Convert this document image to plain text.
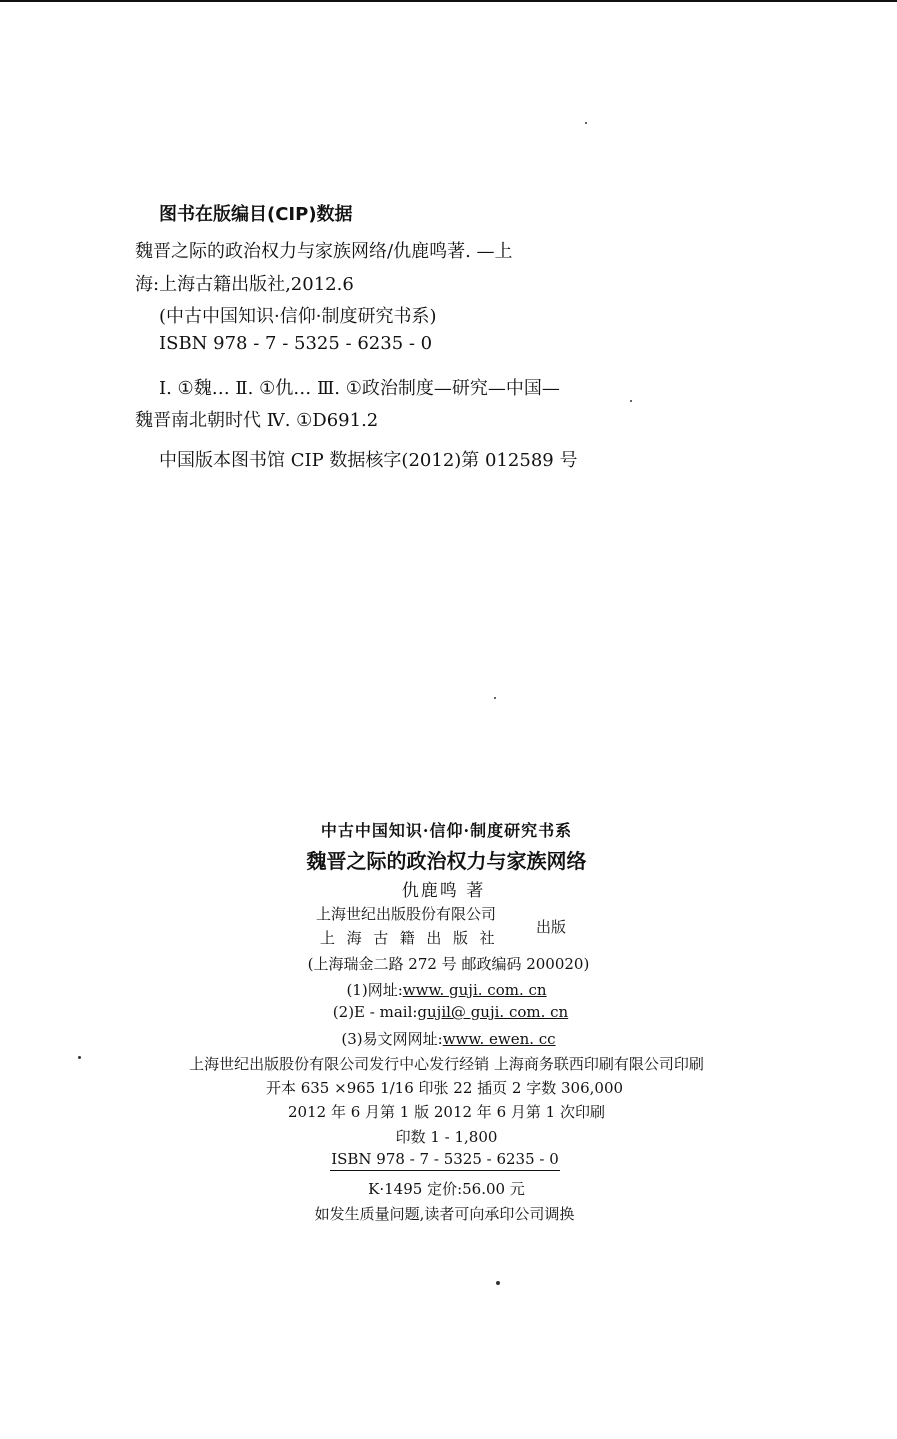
图书在版编目(CIP)数据
魏晋之际的政治权力与家族网络/仇鹿鸣著. —上
海:上海古籍出版社,2012.6
(中古中国知识·信仰·制度研究书系)
ISBN 978 - 7 - 5325 - 6235 - 0
Ⅰ. ①魏… Ⅱ. ①仇… Ⅲ. ①政治制度—研究—中国—
魏晋南北朝时代 Ⅳ. ①D691.2
中国版本图书馆 CIP 数据核字(2012)第 012589 号
中古中国知识·信仰·制度研究书系
魏晋之际的政治权力与家族网络
仇鹿鸣 著
上海世纪出版股份有限公司
上海古籍出版社
出版
(上海瑞金二路 272 号 邮政编码 200020)
(1)网址:www. guji. com. cn
(2)E - mail:gujil@ guji. com. cn
(3)易文网网址:www. ewen. cc
上海世纪出版股份有限公司发行中心发行经销 上海商务联西印刷有限公司印刷
开本 635 ×965 1/16 印张 22 插页 2 字数 306,000
2012 年 6 月第 1 版 2012 年 6 月第 1 次印刷
印数 1 - 1,800
ISBN 978 - 7 - 5325 - 6235 - 0
K·1495 定价:56.00 元
如发生质量问题,读者可向承印公司调换
